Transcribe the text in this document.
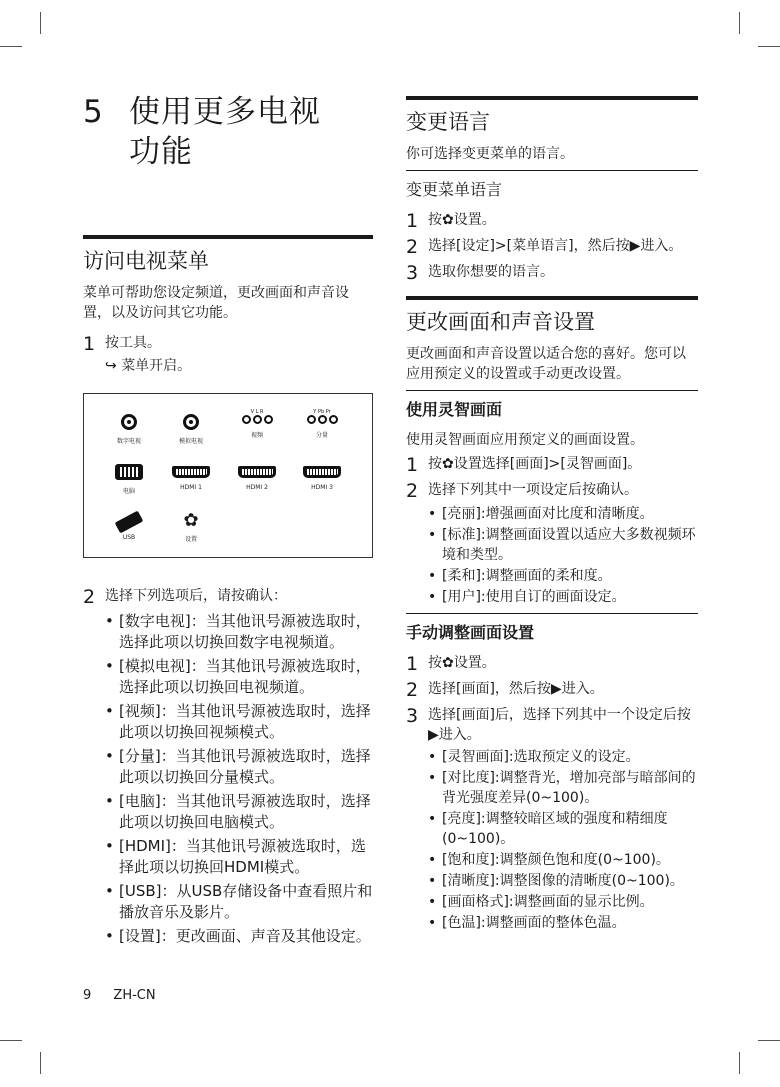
5 使用更多电视
功能
访问电视菜单
菜单可帮助您设定频道，更改画面和声音设置，以及访问其它功能。
1 按工具。
↪ 菜单开启。
数字电视	模拟电视
V L R
视频
Y Pb Pr
分量
电脑
HDMI 1	HDMI 2	HDMI 3
USB
✿
设置
2 选择下列选项后，请按确认：
• [数字电视]：当其他讯号源被选取时，选择此项以切换回数字电视频道。
• [模拟电视]：当其他讯号源被选取时，选择此项以切换回电视频道。
• [视频]：当其他讯号源被选取时，选择此项以切换回视频模式。
• [分量]：当其他讯号源被选取时，选择此项以切换回分量模式。
• [电脑]：当其他讯号源被选取时，选择此项以切换回电脑模式。
• [HDMI]：当其他讯号源被选取时，选择此项以切换回HDMI模式。
• [USB]：从USB存储设备中查看照片和播放音乐及影片。
• [设置]：更改画面、声音及其他设定。
变更语言
你可选择变更菜单的语言。
变更菜单语言
1 按✿设置。
2 选择[设定]>[菜单语言]，然后按▶进入。
3 选取你想要的语言。
更改画面和声音设置
更改画面和声音设置以适合您的喜好。您可以应用预定义的设置或手动更改设置。
使用灵智画面
使用灵智画面应用预定义的画面设置。
1 按✿设置选择[画面]>[灵智画面]。
2 选择下列其中一项设定后按确认。
• [亮丽]:增强画面对比度和清晰度。
• [标准]:调整画面设置以适应大多数视频环境和类型。
• [柔和]:调整画面的柔和度。
• [用户]:使用自订的画面设定。
手动调整画面设置
1 按✿设置。
2 选择[画面]，然后按▶进入。
3 选择[画面]后，选择下列其中一个设定后按▶进入。
• [灵智画面]:选取预定义的设定。
• [对比度]:调整背光，增加亮部与暗部间的背光强度差异(0~100)。
• [亮度]:调整较暗区域的强度和精细度(0~100)。
• [饱和度]:调整颜色饱和度(0~100)。
• [清晰度]:调整图像的清晰度(0~100)。
• [画面格式]:调整画面的显示比例。
• [色温]:调整画面的整体色温。
9 ZH-CN
